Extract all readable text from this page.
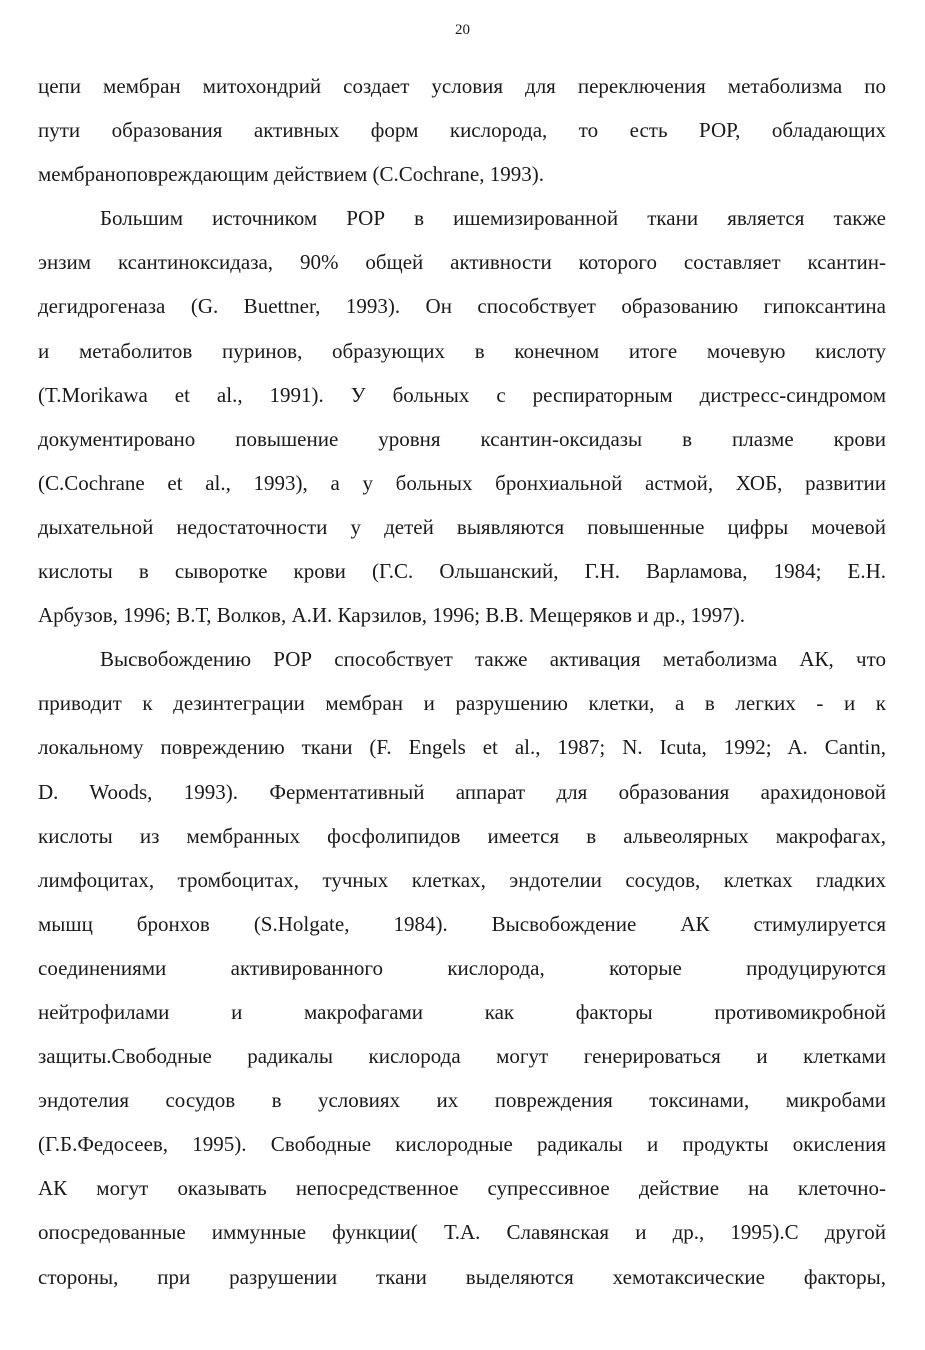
20

цепи мембран митохондрий создает условия для переключения метаболизма по
пути образования активных форм кислорода, то есть РОР, обладающих
мембраноповреждающим действием (C.Cochrane, 1993).

Большим источником РОР в ишемизированной ткани является также
энзим ксантиноксидаза, 90% общей активности которого составляет ксантин-
дегидрогеназа (G. Buettner, 1993). Он способствует образованию гипоксантина
и метаболитов пуринов, образующих в конечном итоге мочевую кислоту
(T.Morikawa et al., 1991). У больных с респираторным дистресс-синдромом
документировано повышение уровня ксантин-оксидазы в плазме крови
(C.Cochrane et al., 1993), а у больных бронхиальной астмой, ХОБ, развитии
дыхательной недостаточности у детей выявляются повышенные цифры мочевой
кислоты в сыворотке крови (Г.С. Ольшанский, Г.Н. Варламова, 1984; Е.Н.
Арбузов, 1996; В.Т, Волков, А.И. Карзилов, 1996; В.В. Мещеряков и др., 1997).

Высвобождению РОР способствует также активация метаболизма АК, что
приводит к дезинтеграции мембран и разрушению клетки, а в легких - и к
локальному повреждению ткани (F. Engels et al., 1987; N. Icuta, 1992; A. Cantin,
D. Woods, 1993). Ферментативный аппарат для образования арахидоновой
кислоты из мембранных фосфолипидов имеется в альвеолярных макрофагах,
лимфоцитах, тромбоцитах, тучных клетках, эндотелии сосудов, клетках гладких
мышц бронхов (S.Holgate, 1984). Высвобождение АК стимулируется
соединениями активированного кислорода, которые продуцируются
нейтрофилами и макрофагами как факторы противомикробной
защиты.Свободные радикалы кислорода могут генерироваться и клетками
эндотелия сосудов в условиях их повреждения токсинами, микробами
(Г.Б.Федосеев, 1995). Свободные кислородные радикалы и продукты окисления
АК могут оказывать непосредственное супрессивное действие на клеточно-
опосредованные иммунные функции( Т.А. Славянская и др., 1995).С другой
стороны, при разрушении ткани выделяются хемотаксические факторы,
